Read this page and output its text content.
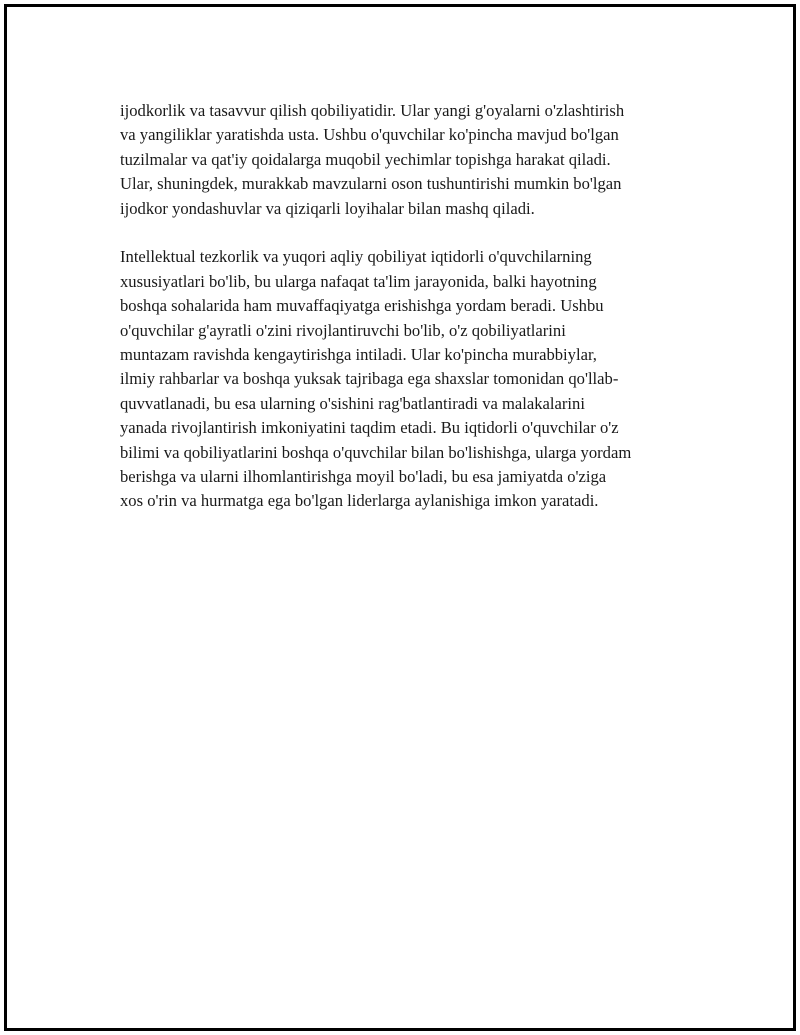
ijodkorlik va tasavvur qilish qobiliyatidir. Ular yangi g'oyalarni o'zlashtirish
va yangiliklar yaratishda usta. Ushbu o'quvchilar ko'pincha mavjud bo'lgan
tuzilmalar va qat'iy qoidalarga muqobil yechimlar topishga harakat qiladi.
Ular, shuningdek, murakkab mavzularni oson tushuntirishi mumkin bo'lgan
ijodkor yondashuvlar va qiziqarli loyihalar bilan mashq qiladi.

Intellektual tezkorlik va yuqori aqliy qobiliyat iqtidorli o'quvchilarning
xususiyatlari bo'lib, bu ularga nafaqat ta'lim jarayonida, balki hayotning
boshqa sohalarida ham muvaffaqiyatga erishishga yordam beradi. Ushbu
o'quvchilar g'ayratli o'zini rivojlantiruvchi bo'lib, o'z qobiliyatlarini
muntazam ravishda kengaytirishga intiladi. Ular ko'pincha murabbiylar,
ilmiy rahbarlar va boshqa yuksak tajribaga ega shaxslar tomonidan qo'llab-
quvvatlanadi, bu esa ularning o'sishini rag'batlantiradi va malakalarini
yanada rivojlantirish imkoniyatini taqdim etadi. Bu iqtidorli o'quvchilar o'z
bilimi va qobiliyatlarini boshqa o'quvchilar bilan bo'lishishga, ularga yordam
berishga va ularni ilhomlantirishga moyil bo'ladi, bu esa jamiyatda o'ziga
xos o'rin va hurmatga ega bo'lgan liderlarga aylanishiga imkon yaratadi.
